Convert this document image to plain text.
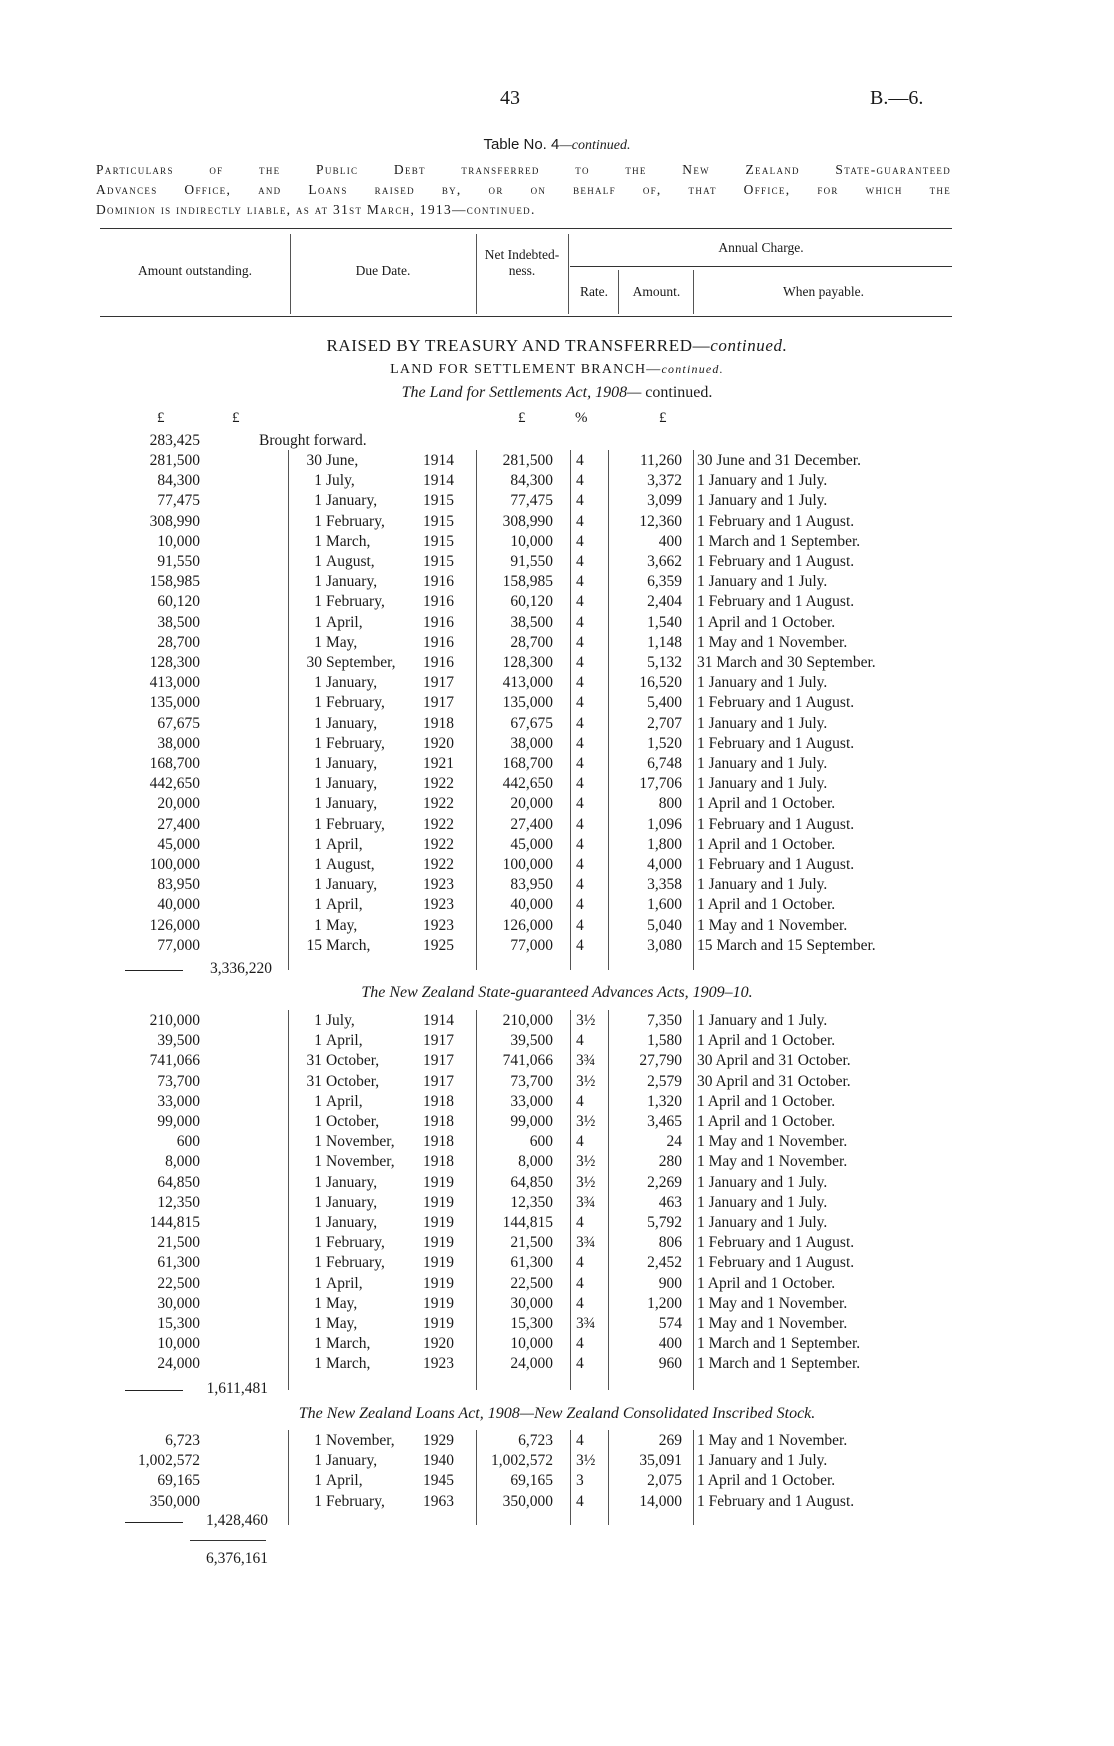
43	B.—6.
Table No. 4—continued.
Particulars of the Public Debt transferred to the New Zealand State-guaranteed
Advances Office, and Loans raised by, or on behalf of, that Office, for which the
Dominion is indirectly liable, as at 31st March, 1913—continued.
Amount outstanding.	Due Date.
Net Indebted-ness.
Annual Charge.
Rate.	Amount.	When payable.
RAISED BY TREASURY AND TRANSFERRED—continued.
LAND FOR SETTLEMENT BRANCH—continued.
The Land for Settlements Act, 1908— continued.
£	£	£	%	£
283,425	Brought forward.
281,500	30 June,	1914	281,500 4	11,260 30 June and 31 December.
84,300	1 July,	1914	84,300 4	3,372 1 January and 1 July.
77,475	1 January,	1915	77,475 4	3,099 1 January and 1 July.
308,990	1 February, 1915	308,990 4	12,360 1 February and 1 August.
10,000	1 March,	1915	10,000 4	400 1 March and 1 September.
91,550	1 August,	1915	91,550 4	3,662 1 February and 1 August.
158,985	1 January,	1916	158,985 4	6,359 1 January and 1 July.
60,120	1 February, 1916	60,120 4	2,404 1 February and 1 August.
38,500	1 April,	1916	38,500 4	1,540 1 April and 1 October.
28,700	1 May,	1916	28,700 4	1,148 1 May and 1 November.
128,300	30 September, 1916	128,300 4	5,132 31 March and 30 September.
413,000	1 January,	1917	413,000 4	16,520 1 January and 1 July.
135,000	1 February, 1917	135,000 4	5,400 1 February and 1 August.
67,675	1 January,	1918	67,675 4	2,707 1 January and 1 July.
38,000	1 February, 1920	38,000 4	1,520 1 February and 1 August.
168,700	1 January,	1921	168,700 4	6,748 1 January and 1 July.
442,650	1 January,	1922	442,650 4	17,706 1 January and 1 July.
20,000	1 January,	1922	20,000 4	800 1 April and 1 October.
27,400	1 February, 1922	27,400 4	1,096 1 February and 1 August.
45,000	1 April,	1922	45,000 4	1,800 1 April and 1 October.
100,000	1 August,	1922	100,000 4	4,000 1 February and 1 August.
83,950	1 January,	1923	83,950 4	3,358 1 January and 1 July.
40,000	1 April,	1923	40,000 4	1,600 1 April and 1 October.
126,000	1 May,	1923	126,000 4	5,040 1 May and 1 November.
77,000	15 March,	1925	77,000 4	3,080 15 March and 15 September.
3,336,220
The New Zealand State-guaranteed Advances Acts, 1909–10.
210,000	1 July,	1914	210,000 3½	7,350 1 January and 1 July.
39,500	1 April,	1917	39,500 4	1,580 1 April and 1 October.
741,066	31 October,	1917	741,066 3¾	27,790 30 April and 31 October.
73,700	31 October,	1917	73,700 3½	2,579 30 April and 31 October.
33,000	1 April,	1918	33,000 4	1,320 1 April and 1 October.
99,000	1 October,	1918	99,000 3½	3,465 1 April and 1 October.
600	1 November, 1918	600 4	24 1 May and 1 November.
8,000	1 November, 1918	8,000 3½	280 1 May and 1 November.
64,850	1 January,	1919	64,850 3½	2,269 1 January and 1 July.
12,350	1 January,	1919	12,350 3¾	463 1 January and 1 July.
144,815	1 January,	1919	144,815 4	5,792 1 January and 1 July.
21,500	1 February, 1919	21,500 3¾	806 1 February and 1 August.
61,300	1 February, 1919	61,300 4	2,452 1 February and 1 August.
22,500	1 April,	1919	22,500 4	900 1 April and 1 October.
30,000	1 May,	1919	30,000 4	1,200 1 May and 1 November.
15,300	1 May,	1919	15,300 3¾	574 1 May and 1 November.
10,000	1 March,	1920	10,000 4	400 1 March and 1 September.
24,000	1 March,	1923	24,000 4	960 1 March and 1 September.
1,611,481
The New Zealand Loans Act, 1908—New Zealand Consolidated Inscribed Stock.
6,723	1 November, 1929	6,723 4	269 1 May and 1 November.
1,002,572	1 January,	1940 1,002,572 3½	35,091 1 January and 1 July.
69,165	1 April,	1945	69,165 3	2,075 1 April and 1 October.
350,000	1 February, 1963	350,000 4	14,000 1 February and 1 August.
1,428,460
6,376,161
